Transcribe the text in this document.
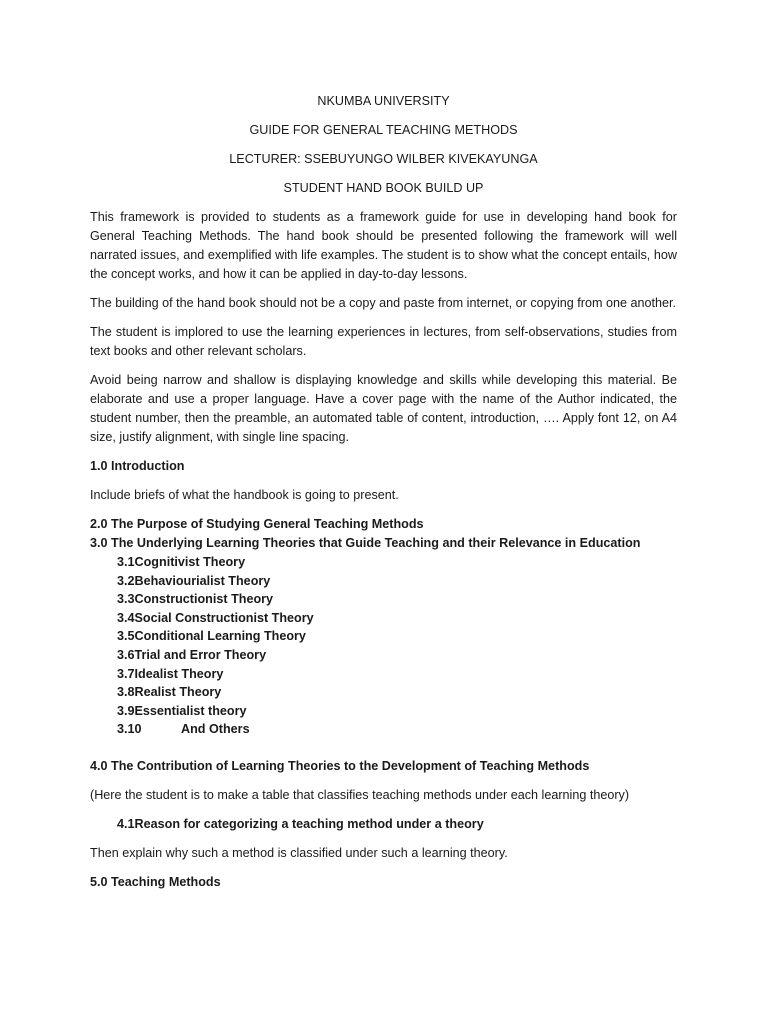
NKUMBA UNIVERSITY

GUIDE FOR GENERAL TEACHING METHODS

LECTURER: SSEBUYUNGO WILBER KIVEKAYUNGA

STUDENT HAND BOOK BUILD UP

This framework is provided to students as a framework guide for use in developing hand book for General Teaching Methods. The hand book should be presented following the framework will well narrated issues, and exemplified with life examples. The student is to show what the concept entails, how the concept works, and how it can be applied in day-to-day lessons.

The building of the hand book should not be a copy and paste from internet, or copying from one another.

The student is implored to use the learning experiences in lectures, from self-observations, studies from text books and other relevant scholars.

Avoid being narrow and shallow is displaying knowledge and skills while developing this material. Be elaborate and use a proper language. Have a cover page with the name of the Author indicated, the student number, then the preamble, an automated table of content, introduction, …. Apply font 12, on A4 size, justify alignment, with single line spacing.

1.0 Introduction

Include briefs of what the handbook is going to present.

2.0 The Purpose of Studying General Teaching Methods

3.0 The Underlying Learning Theories that Guide Teaching and their Relevance in Education

3.1Cognitivist Theory
3.2Behaviourialist Theory
3.3Constructionist Theory
3.4Social Constructionist Theory
3.5Conditional Learning Theory
3.6Trial and Error Theory
3.7Idealist Theory
3.8Realist Theory
3.9Essentialist theory
3.10	And Others

4.0 The Contribution of Learning Theories to the Development of Teaching Methods

(Here the student is to make a table that classifies teaching methods under each learning theory)

4.1Reason for categorizing a teaching method under a theory

Then explain why such a method is classified under such a learning theory.

5.0 Teaching Methods
